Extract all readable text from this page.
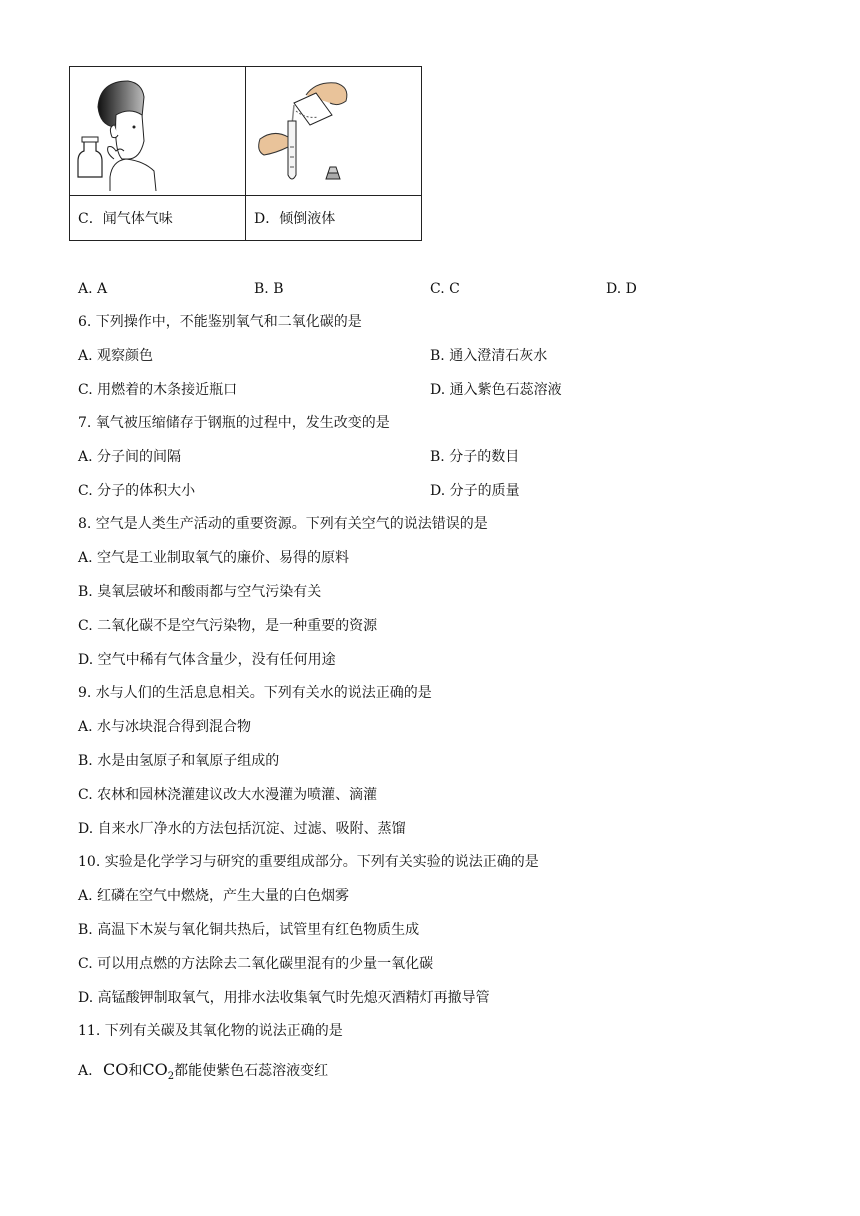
C．闻气体气味	D．倾倒液体
A. A	B. B	C. C	D. D
6. 下列操作中，不能鉴别氧气和二氧化碳的是
A. 观察颜色	B. 通入澄清石灰水
C. 用燃着的木条接近瓶口	D. 通入紫色石蕊溶液
7. 氧气被压缩储存于钢瓶的过程中，发生改变的是
A. 分子间的间隔	B. 分子的数目
C. 分子的体积大小	D. 分子的质量
8. 空气是人类生产活动的重要资源。下列有关空气的说法错误的是
A. 空气是工业制取氧气的廉价、易得的原料
B. 臭氧层破坏和酸雨都与空气污染有关
C. 二氧化碳不是空气污染物，是一种重要的资源
D. 空气中稀有气体含量少，没有任何用途
9. 水与人们的生活息息相关。下列有关水的说法正确的是
A. 水与冰块混合得到混合物
B. 水是由氢原子和氧原子组成的
C. 农林和园林浇灌建议改大水漫灌为喷灌、滴灌
D. 自来水厂净水的方法包括沉淀、过滤、吸附、蒸馏
10. 实验是化学学习与研究的重要组成部分。下列有关实验的说法正确的是
A. 红磷在空气中燃烧，产生大量的白色烟雾
B. 高温下木炭与氧化铜共热后，试管里有红色物质生成
C. 可以用点燃的方法除去二氧化碳里混有的少量一氧化碳
D. 高锰酸钾制取氧气，用排水法收集氧气时先熄灭酒精灯再撤导管
11. 下列有关碳及其氧化物的说法正确的是
A. CO和$CO_2$都能使紫色石蕊溶液变红
